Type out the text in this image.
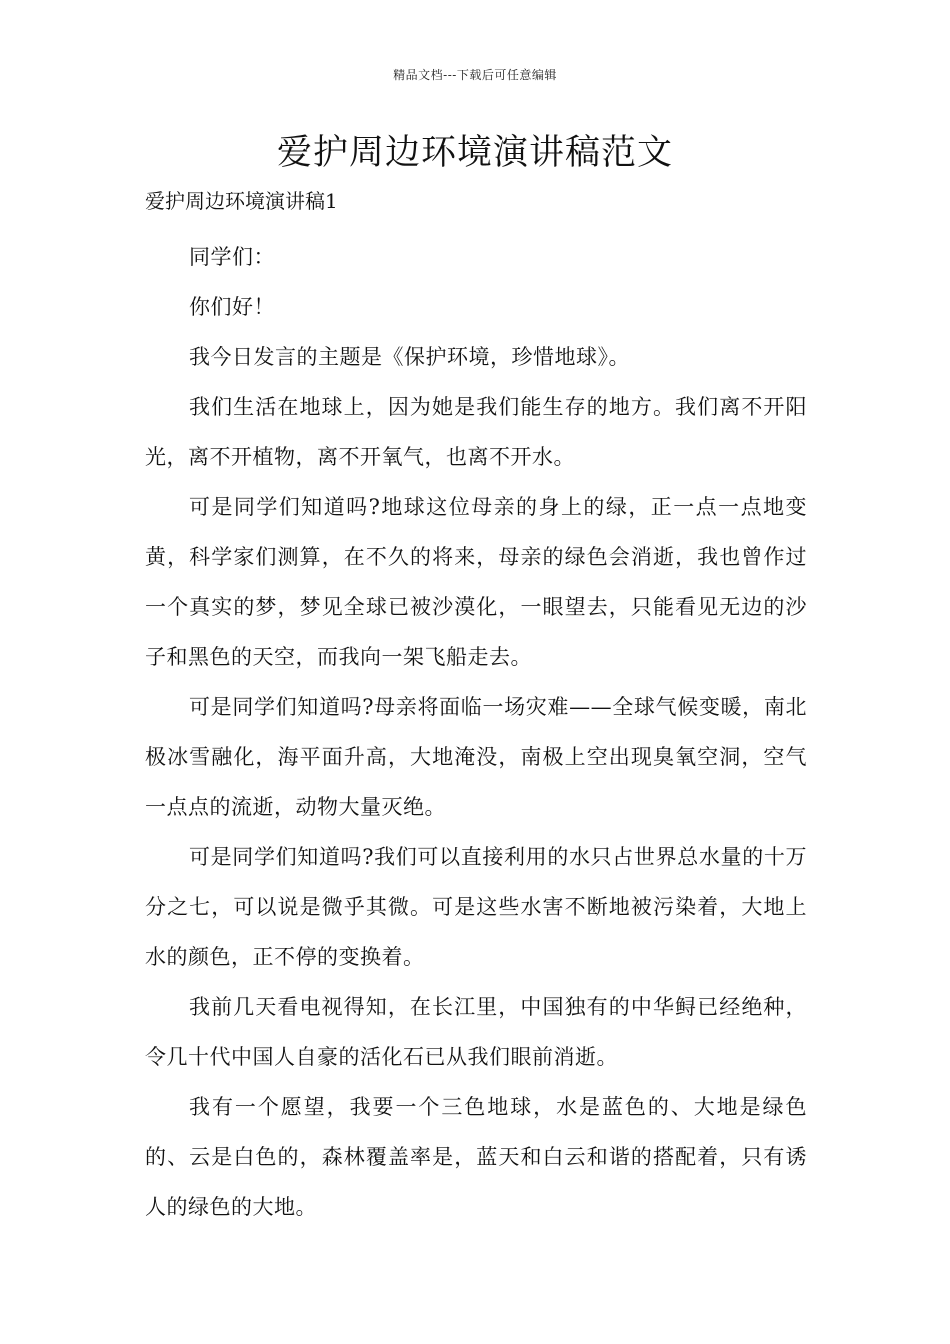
精品文档---下载后可任意编辑
爱护周边环境演讲稿范文

爱护周边环境演讲稿1

同学们：

你们好！

我今日发言的主题是《保护环境，珍惜地球》。

我们生活在地球上，因为她是我们能生存的地方。我们离不开阳光，离不开植物，离不开氧气，也离不开水。

可是同学们知道吗?地球这位母亲的身上的绿，正一点一点地变黄，科学家们测算，在不久的将来，母亲的绿色会消逝，我也曾作过一个真实的梦，梦见全球已被沙漠化，一眼望去，只能看见无边的沙子和黑色的天空，而我向一架飞船走去。

可是同学们知道吗?母亲将面临一场灾难——全球气候变暖，南北极冰雪融化，海平面升高，大地淹没，南极上空出现臭氧空洞，空气一点点的流逝，动物大量灭绝。

可是同学们知道吗?我们可以直接利用的水只占世界总水量的十万分之七，可以说是微乎其微。可是这些水害不断地被污染着，大地上水的颜色，正不停的变换着。

我前几天看电视得知，在长江里，中国独有的中华鲟已经绝种，令几十代中国人自豪的活化石已从我们眼前消逝。

我有一个愿望，我要一个三色地球，水是蓝色的、大地是绿色的、云是白色的，森林覆盖率是，蓝天和白云和谐的搭配着，只有诱人的绿色的大地。
